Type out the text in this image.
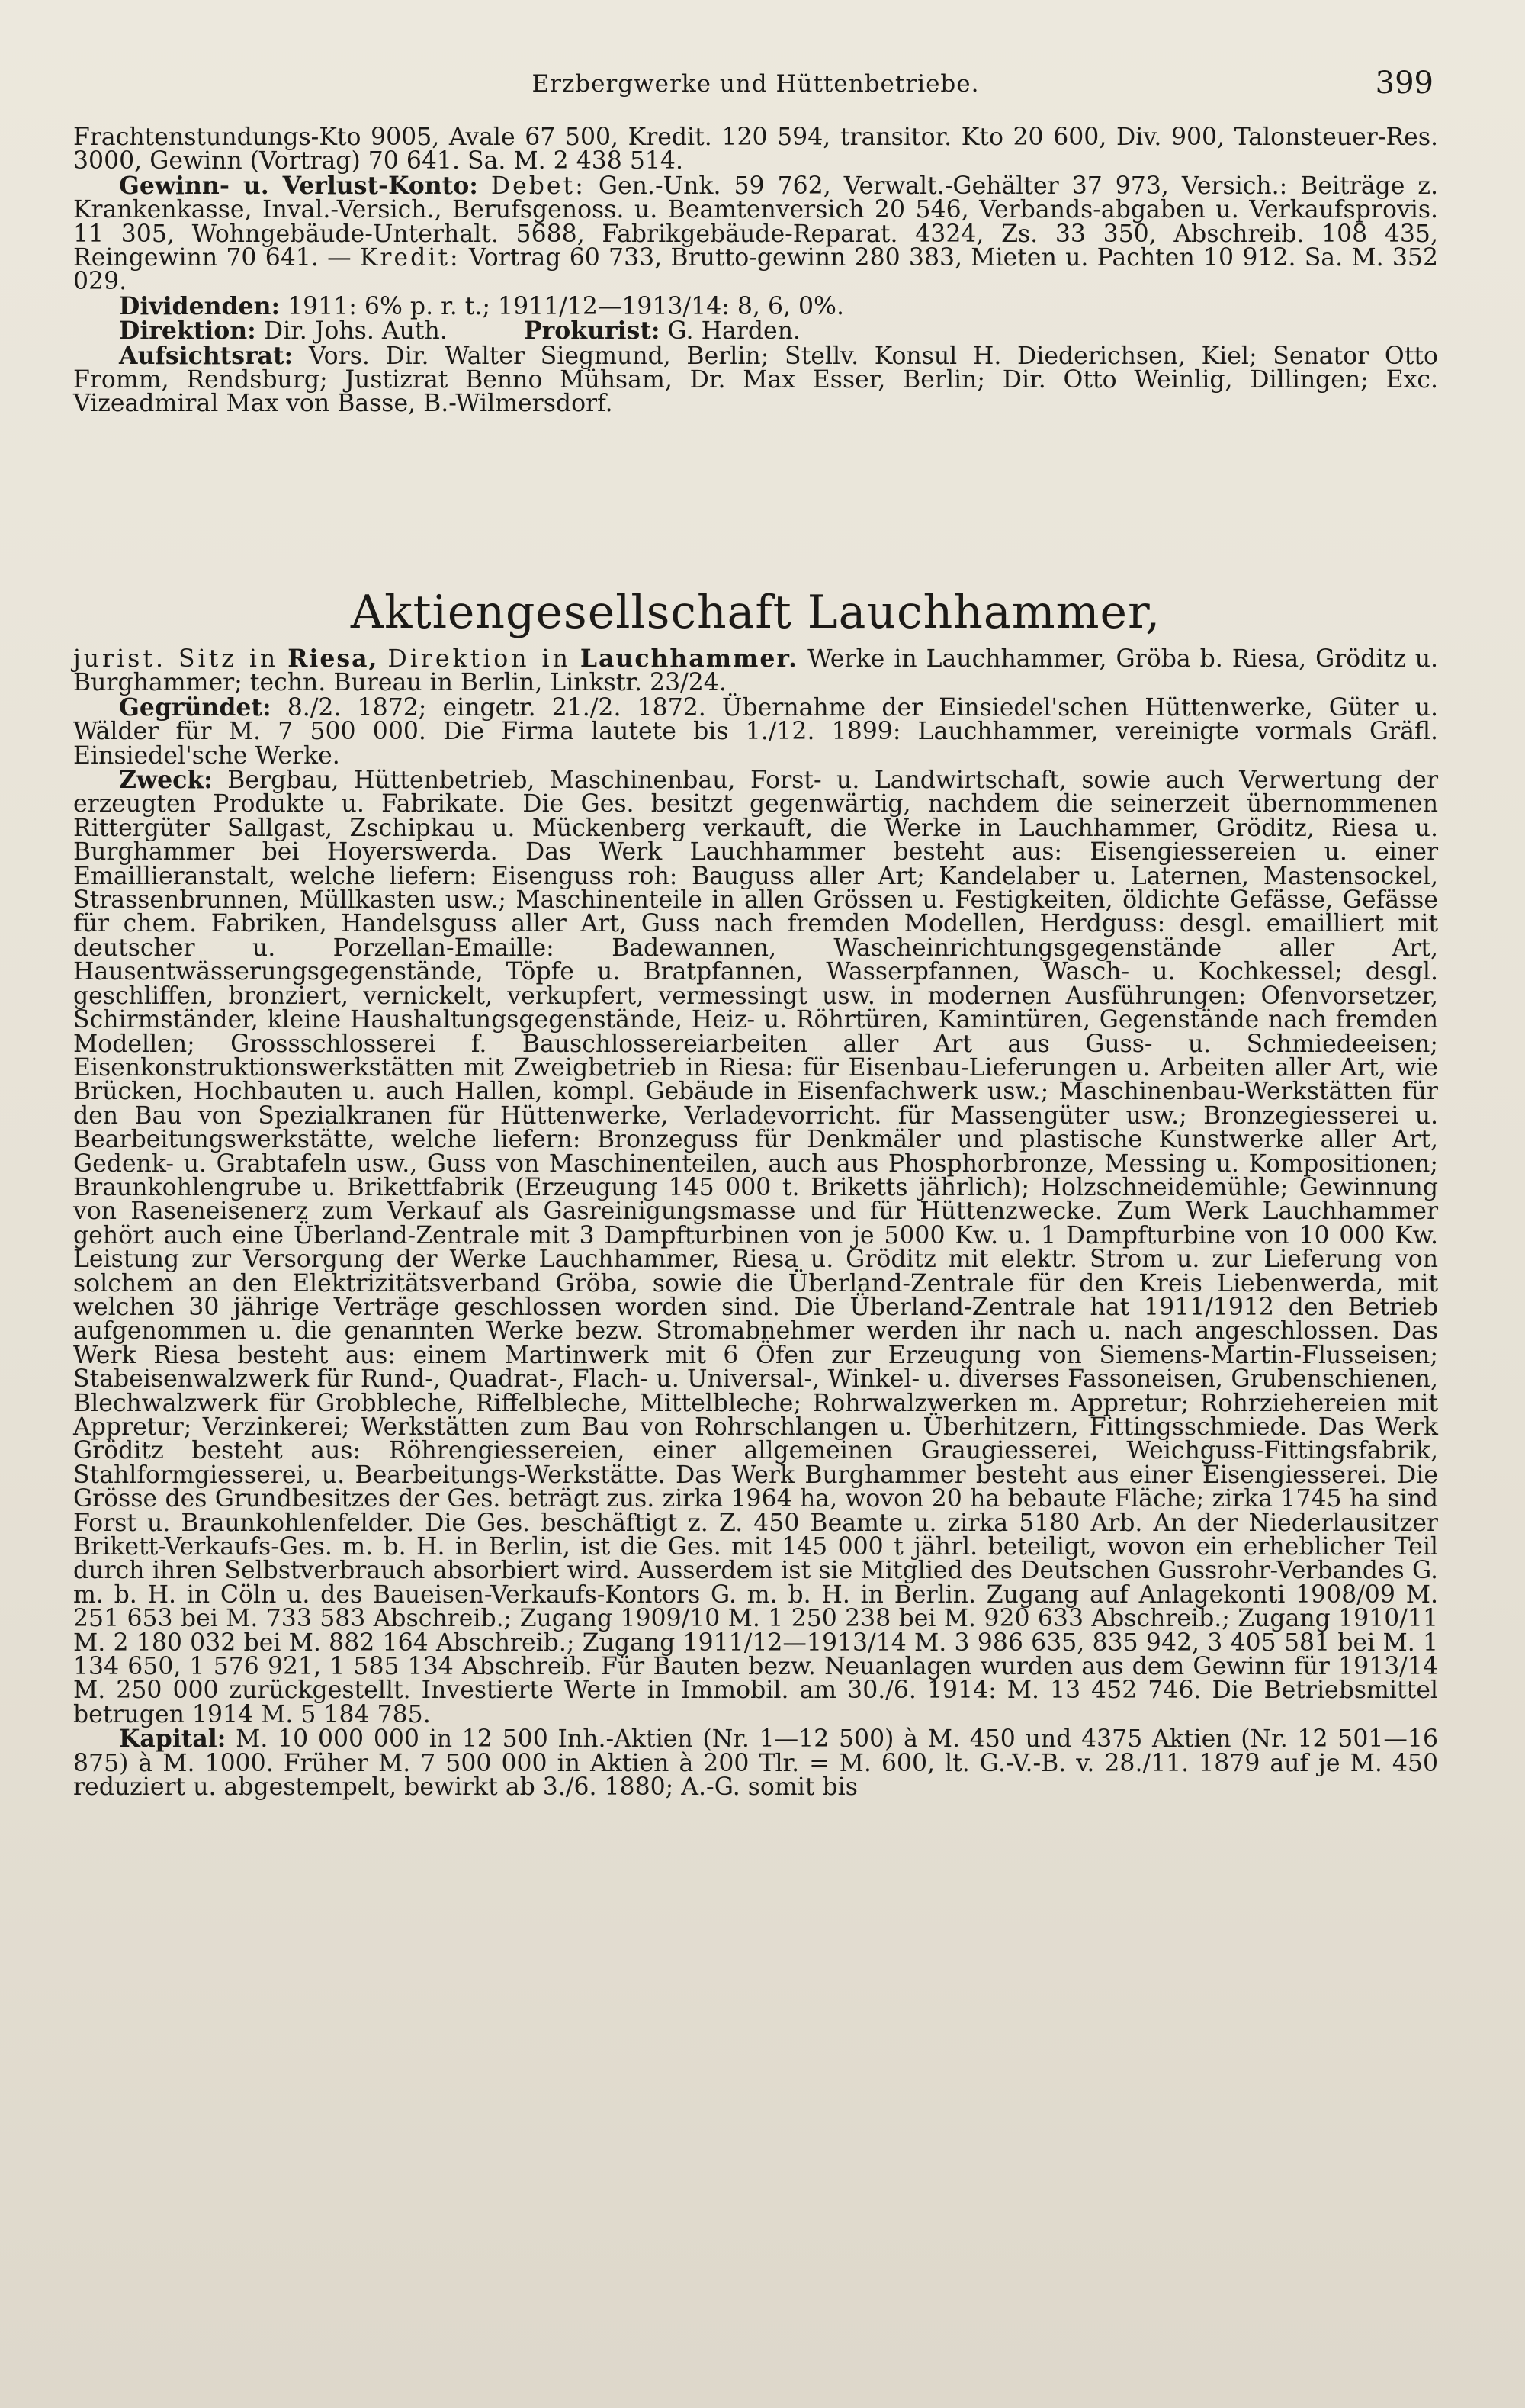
Erzbergwerke und Hüttenbetriebe.	399

Frachtenstundungs-Kto 9005, Avale 67 500, Kredit. 120 594, transitor. Kto 20 600, Div. 900, Talonsteuer-Res. 3000, Gewinn (Vortrag) 70 641. Sa. M. 2 438 514.

Gewinn- u. Verlust-Konto: Debet: Gen.-Unk. 59 762, Verwalt.-Gehälter 37 973, Versich.: Beiträge z. Krankenkasse, Inval.-Versich., Berufsgenoss. u. Beamtenversich 20 546, Verbands-abgaben u. Verkaufsprovis. 11 305, Wohngebäude-Unterhalt. 5688, Fabrikgebäude-Reparat. 4324, Zs. 33 350, Abschreib. 108 435, Reingewinn 70 641. — Kredit: Vortrag 60 733, Brutto-gewinn 280 383, Mieten u. Pachten 10 912. Sa. M. 352 029.

Dividenden: 1911: 6% p. r. t.; 1911/12—1913/14: 8, 6, 0%.

Direktion: Dir. Johs. Auth.	Prokurist: G. Harden.

Aufsichtsrat: Vors. Dir. Walter Siegmund, Berlin; Stellv. Konsul H. Diederichsen, Kiel; Senator Otto Fromm, Rendsburg; Justizrat Benno Mühsam, Dr. Max Esser, Berlin; Dir. Otto Weinlig, Dillingen; Exc. Vizeadmiral Max von Basse, B.-Wilmersdorf.

Aktiengesellschaft Lauchhammer,

jurist. Sitz in Riesa, Direktion in Lauchhammer. Werke in Lauchhammer, Gröba b. Riesa, Gröditz u. Burghammer; techn. Bureau in Berlin, Linkstr. 23/24.

Gegründet: 8./2. 1872; eingetr. 21./2. 1872. Übernahme der Einsiedel'schen Hüttenwerke, Güter u. Wälder für M. 7 500 000. Die Firma lautete bis 1./12. 1899: Lauchhammer, vereinigte vormals Gräfl. Einsiedel'sche Werke.

Zweck: Bergbau, Hüttenbetrieb, Maschinenbau, Forst- u. Landwirtschaft, sowie auch Verwertung der erzeugten Produkte u. Fabrikate. Die Ges. besitzt gegenwärtig, nachdem die seinerzeit übernommenen Rittergüter Sallgast, Zschipkau u. Mückenberg verkauft, die Werke in Lauchhammer, Gröditz, Riesa u. Burghammer bei Hoyerswerda. Das Werk Lauchhammer besteht aus: Eisengiessereien u. einer Emaillieranstalt, welche liefern: Eisenguss roh: Bauguss aller Art; Kandelaber u. Laternen, Mastensockel, Strassenbrunnen, Müllkasten usw.; Maschinenteile in allen Grössen u. Festigkeiten, öldichte Gefässe, Gefässe für chem. Fabriken, Handelsguss aller Art, Guss nach fremden Modellen, Herdguss: desgl. emailliert mit deutscher u. Porzellan-Emaille: Badewannen, Wascheinrichtungsgegenstände aller Art, Hausentwässerungsgegenstände, Töpfe u. Bratpfannen, Wasserpfannen, Wasch- u. Kochkessel; desgl. geschliffen, bronziert, vernickelt, verkupfert, vermessingt usw. in modernen Ausführungen: Ofenvorsetzer, Schirmständer, kleine Haushaltungsgegenstände, Heiz- u. Röhrtüren, Kamintüren, Gegenstände nach fremden Modellen; Grossschlosserei f. Bauschlossereiarbeiten aller Art aus Guss- u. Schmiedeeisen; Eisenkonstruktionswerkstätten mit Zweigbetrieb in Riesa: für Eisenbau-Lieferungen u. Arbeiten aller Art, wie Brücken, Hochbauten u. auch Hallen, kompl. Gebäude in Eisenfachwerk usw.; Maschinenbau-Werkstätten für den Bau von Spezialkranen für Hüttenwerke, Verladevorricht. für Massengüter usw.; Bronzegiesserei u. Bearbeitungswerkstätte, welche liefern: Bronzeguss für Denkmäler und plastische Kunstwerke aller Art, Gedenk- u. Grabtafeln usw., Guss von Maschinenteilen, auch aus Phosphorbronze, Messing u. Kompositionen; Braunkohlengrube u. Brikettfabrik (Erzeugung 145 000 t. Briketts jährlich); Holzschneidemühle; Gewinnung von Raseneisenerz zum Verkauf als Gasreinigungsmasse und für Hüttenzwecke. Zum Werk Lauchhammer gehört auch eine Überland-Zentrale mit 3 Dampfturbinen von je 5000 Kw. u. 1 Dampfturbine von 10 000 Kw. Leistung zur Versorgung der Werke Lauchhammer, Riesa u. Gröditz mit elektr. Strom u. zur Lieferung von solchem an den Elektrizitätsverband Gröba, sowie die Überland-Zentrale für den Kreis Liebenwerda, mit welchen 30 jährige Verträge geschlossen worden sind. Die Überland-Zentrale hat 1911/1912 den Betrieb aufgenommen u. die genannten Werke bezw. Stromabnehmer werden ihr nach u. nach angeschlossen. Das Werk Riesa besteht aus: einem Martinwerk mit 6 Öfen zur Erzeugung von Siemens-Martin-Flusseisen; Stabeisenwalzwerk für Rund-, Quadrat-, Flach- u. Universal-, Winkel- u. diverses Fassoneisen, Grubenschienen, Blechwalzwerk für Grobbleche, Riffelbleche, Mittelbleche; Rohrwalzwerken m. Appretur; Rohrziehereien mit Appretur; Verzinkerei; Werkstätten zum Bau von Rohrschlangen u. Überhitzern, Fittingsschmiede. Das Werk Gröditz besteht aus: Röhrengiessereien, einer allgemeinen Graugiesserei, Weichguss-Fittingsfabrik, Stahlformgiesserei, u. Bearbeitungs-Werkstätte. Das Werk Burghammer besteht aus einer Eisengiesserei. Die Grösse des Grundbesitzes der Ges. beträgt zus. zirka 1964 ha, wovon 20 ha bebaute Fläche; zirka 1745 ha sind Forst u. Braunkohlenfelder. Die Ges. beschäftigt z. Z. 450 Beamte u. zirka 5180 Arb. An der Niederlausitzer Brikett-Verkaufs-Ges. m. b. H. in Berlin, ist die Ges. mit 145 000 t jährl. beteiligt, wovon ein erheblicher Teil durch ihren Selbstverbrauch absorbiert wird. Ausserdem ist sie Mitglied des Deutschen Gussrohr-Verbandes G. m. b. H. in Cöln u. des Baueisen-Verkaufs-Kontors G. m. b. H. in Berlin. Zugang auf Anlagekonti 1908/09 M. 251 653 bei M. 733 583 Abschreib.; Zugang 1909/10 M. 1 250 238 bei M. 920 633 Abschreib.; Zugang 1910/11 M. 2 180 032 bei M. 882 164 Abschreib.; Zugang 1911/12—1913/14 M. 3 986 635, 835 942, 3 405 581 bei M. 1 134 650, 1 576 921, 1 585 134 Abschreib. Für Bauten bezw. Neuanlagen wurden aus dem Gewinn für 1913/14 M. 250 000 zurückgestellt. Investierte Werte in Immobil. am 30./6. 1914: M. 13 452 746. Die Betriebsmittel betrugen 1914 M. 5 184 785.

Kapital: M. 10 000 000 in 12 500 Inh.-Aktien (Nr. 1—12 500) à M. 450 und 4375 Aktien (Nr. 12 501—16 875) à M. 1000. Früher M. 7 500 000 in Aktien à 200 Tlr. = M. 600, lt. G.-V.-B. v. 28./11. 1879 auf je M. 450 reduziert u. abgestempelt, bewirkt ab 3./6. 1880; A.-G. somit bis
